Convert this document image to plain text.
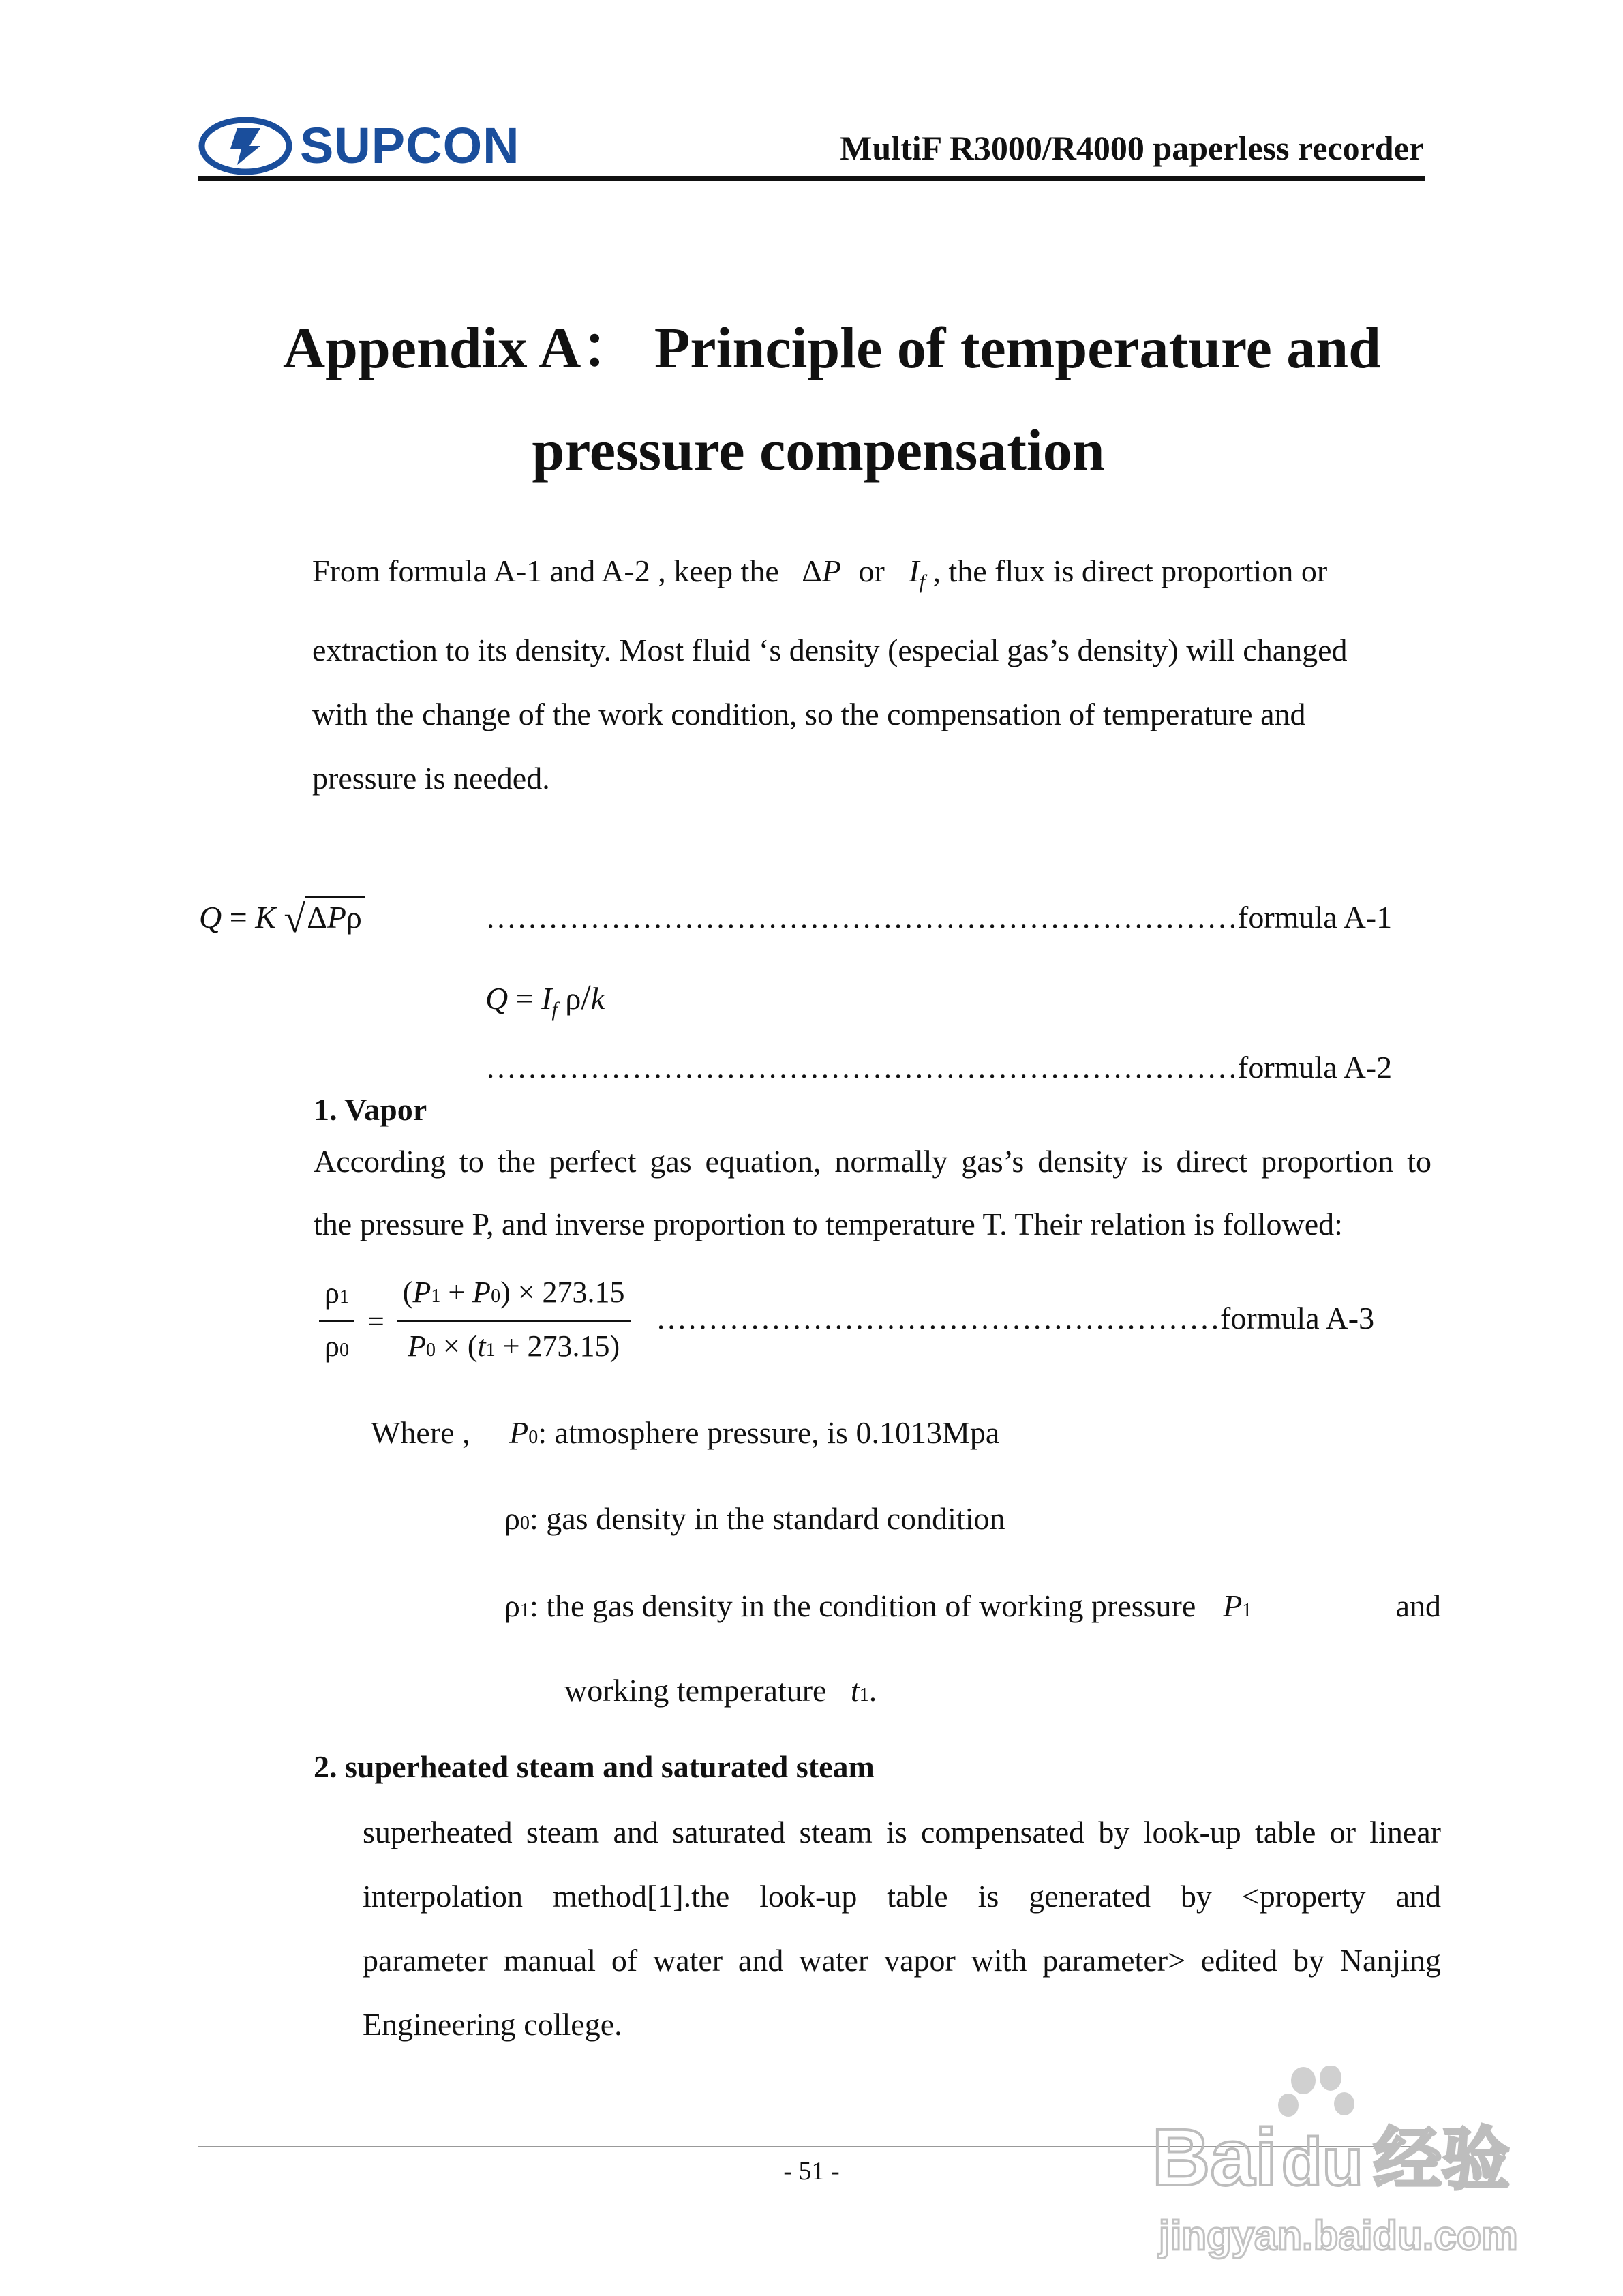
SUPCON	MultiF R3000/R4000 paperless recorder
Appendix A： Principle of temperature and
pressure compensation
From formula A-1 and A-2 , keep the ΔP or $I_f$ , the flux is direct proportion or
extraction to its density. Most fluid ‘s density (especial gas’s density) will changed
with the change of the work condition, so the compensation of temperature and
pressure is needed.
Q = K √ΔPρ	………………………………………………………………formula A-1
$Q = I_f$ ρ/k
………………………………………………………………formula A-2
1. Vapor
According to the perfect gas equation, normally gas’s density is direct proportion to
the pressure P, and inverse proportion to temperature T. Their relation is followed:
$\frac{\rho 1}{\rho 0} = \frac{(P1 + P0) \times 273.15}{P0 \times (t1 + 273.15)}$ ………………………………………………formula A-3
Where , P0: atmosphere pressure, is 0.1013Mpa
ρ0: gas density in the standard condition
ρ1: the gas density in the condition of working pressure P1	and
working temperature t1.
2. superheated steam and saturated steam
superheated steam and saturated steam is compensated by look-up table or linear
interpolation method[1].the look-up table is generated by <property and
parameter manual of water and water vapor with parameter> edited by Nanjing
Engineering college.
- 51 -	Bai du 经验
jingyan.baidu.com
